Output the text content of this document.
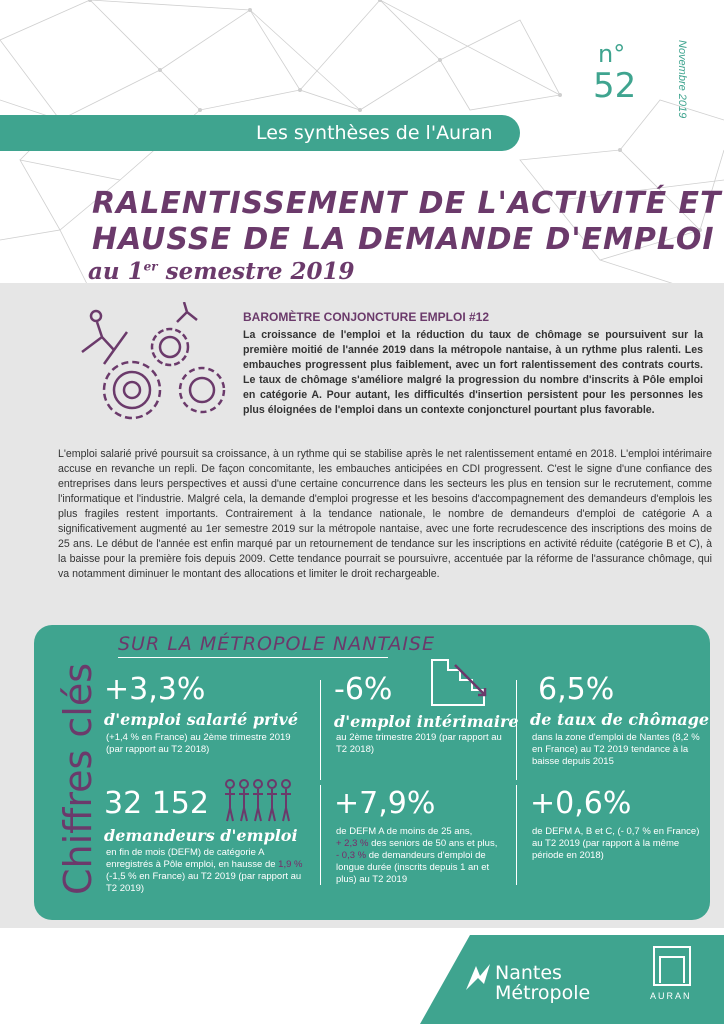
n°
52	Novembre 2019
Les synthèses de l'Auran
RALENTISSEMENT DE L'ACTIVITÉ ET
HAUSSE DE LA DEMANDE D'EMPLOI
au 1er semestre 2019
BAROMÈTRE CONJONCTURE EMPLOI #12
La croissance de l'emploi et la réduction du taux de chômage se poursuivent sur la première moitié de l'année 2019 dans la métropole nantaise, à un rythme plus ralenti. Les embauches progressent plus faiblement, avec un fort ralentissement des contrats courts. Le taux de chômage s'améliore malgré la progression du nombre d'inscrits à Pôle emploi en catégorie A. Pour autant, les difficultés d'insertion persistent pour les personnes les plus éloignées de l'emploi dans un contexte conjoncturel pourtant plus favorable.
L'emploi salarié privé poursuit sa croissance, à un rythme qui se stabilise après le net ralentissement entamé en 2018. L'emploi intérimaire accuse en revanche un repli. De façon concomitante, les embauches anticipées en CDI progressent. C'est le signe d'une confiance des entreprises dans leurs perspectives et aussi d'une certaine concurrence dans les secteurs les plus en tension sur le recrutement, comme l'informatique et l'industrie. Malgré cela, la demande d'emploi progresse et les besoins d'accompagnement des demandeurs d'emplois les plus fragiles restent importants. Contrairement à la tendance nationale, le nombre de demandeurs d'emploi de catégorie A a significativement augmenté au 1er semestre 2019 sur la métropole nantaise, avec une forte recrudescence des inscriptions des moins de 25 ans. Le début de l'année est enfin marqué par un retournement de tendance sur les inscriptions en activité réduite (catégorie B et C), à la baisse pour la première fois depuis 2009. Cette tendance pourrait se poursuivre, accentuée par la réforme de l'assurance chômage, qui va notamment diminuer le montant des allocations et limiter le droit rechargeable.
SUR LA MÉTROPOLE NANTAISE
Chiffres clés +3,3%
d'emploi salarié privé
(+1,4 % en France) au 2ème trimestre 2019 (par rapport au T2 2018)
-6%
d'emploi intérimaire
au 2ème trimestre 2019 (par rapport au T2 2018)
6,5%
de taux de chômage
dans la zone d'emploi de Nantes (8,2 % en France) au T2 2019 tendance à la baisse depuis 2015
32 152
demandeurs d'emploi
en fin de mois (DEFM) de catégorie A enregistrés à Pôle emploi, en hausse de 1,9 % (-1,5 % en France) au T2 2019 (par rapport au T2 2019)
+7,9%
de DEFM A de moins de 25 ans,
+ 2,3 % des seniors de 50 ans et plus,
- 0,3 % de demandeurs d'emploi de longue durée (inscrits depuis 1 an et plus) au T2 2019
+0,6%
de DEFM A, B et C, (- 0,7 % en France) au T2 2019 (par rapport à la même période en 2018)
Nantes
Métropole	AURAN
